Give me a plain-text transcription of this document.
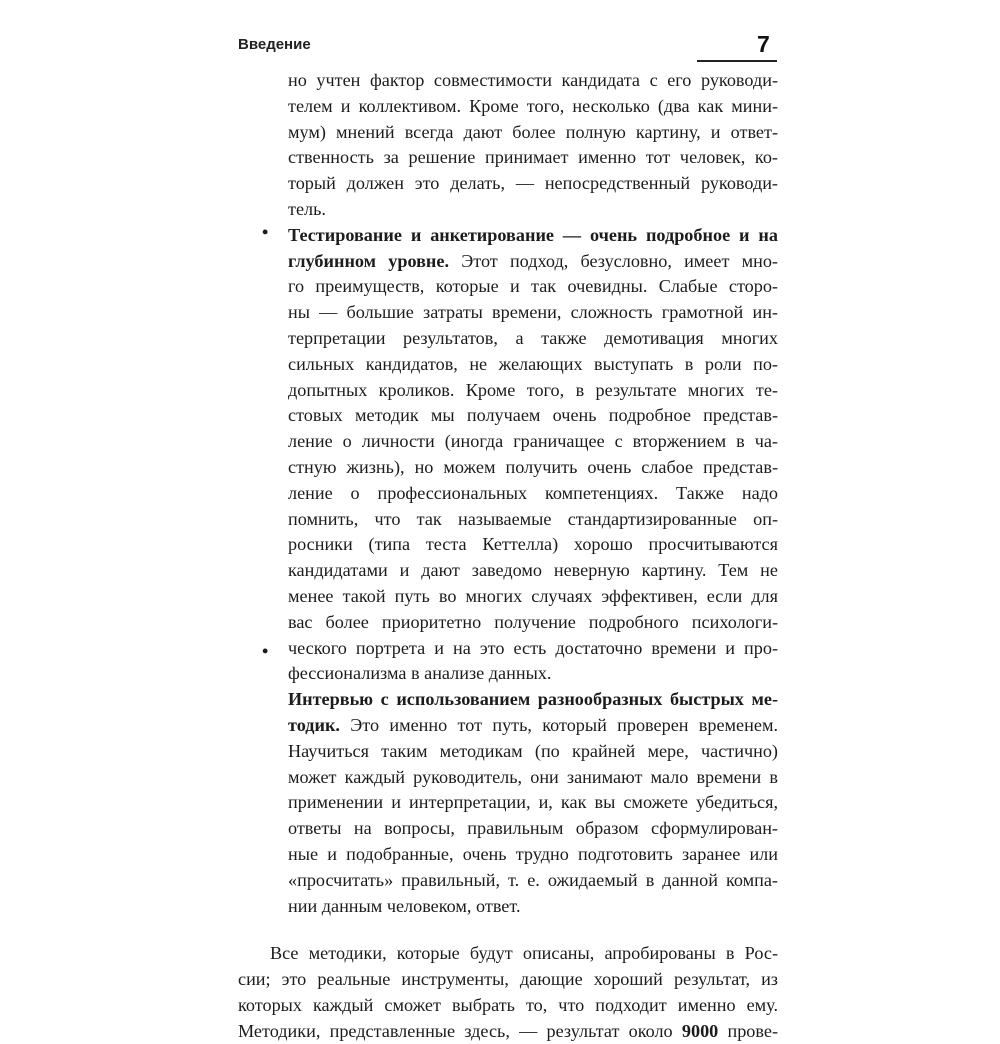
Введение	7
•
•
но учтен фактор совместимости кандидата с его руководи-
телем и коллективом. Кроме того, несколько (два как мини-
мум) мнений всегда дают более полную картину, и ответ-
ственность за решение принимает именно тот человек, ко-
торый должен это делать, — непосредственный руководи-
тель.
Тестирование и анкетирование — очень подробное и на
глубинном уровне. Этот подход, безусловно, имеет мно-
го преимуществ, которые и так очевидны. Слабые сторо-
ны — большие затраты времени, сложность грамотной ин-
терпретации результатов, а также демотивация многих
сильных кандидатов, не желающих выступать в роли по-
допытных кроликов. Кроме того, в результате многих те-
стовых методик мы получаем очень подробное представ-
ление о личности (иногда граничащее с вторжением в ча-
стную жизнь), но можем получить очень слабое представ-
ление о профессиональных компетенциях. Также надо
помнить, что так называемые стандартизированные оп-
росники (типа теста Кеттелла) хорошо просчитываются
кандидатами и дают заведомо неверную картину. Тем не
менее такой путь во многих случаях эффективен, если для
вас более приоритетно получение подробного психологи-
ческого портрета и на это есть достаточно времени и про-
фессионализма в анализе данных.
Интервью с использованием разнообразных быстрых ме-
тодик. Это именно тот путь, который проверен временем.
Научиться таким методикам (по крайней мере, частично)
может каждый руководитель, они занимают мало времени в
применении и интерпретации, и, как вы сможете убедиться,
ответы на вопросы, правильным образом сформулирован-
ные и подобранные, очень трудно подготовить заранее или
«просчитать» правильный, т. е. ожидаемый в данной компа-
нии данным человеком, ответ.
Все методики, которые будут описаны, апробированы в Рос-
сии; это реальные инструменты, дающие хороший результат, из
которых каждый сможет выбрать то, что подходит именно ему.
Методики, представленные здесь, — результат около 9000 прове-
